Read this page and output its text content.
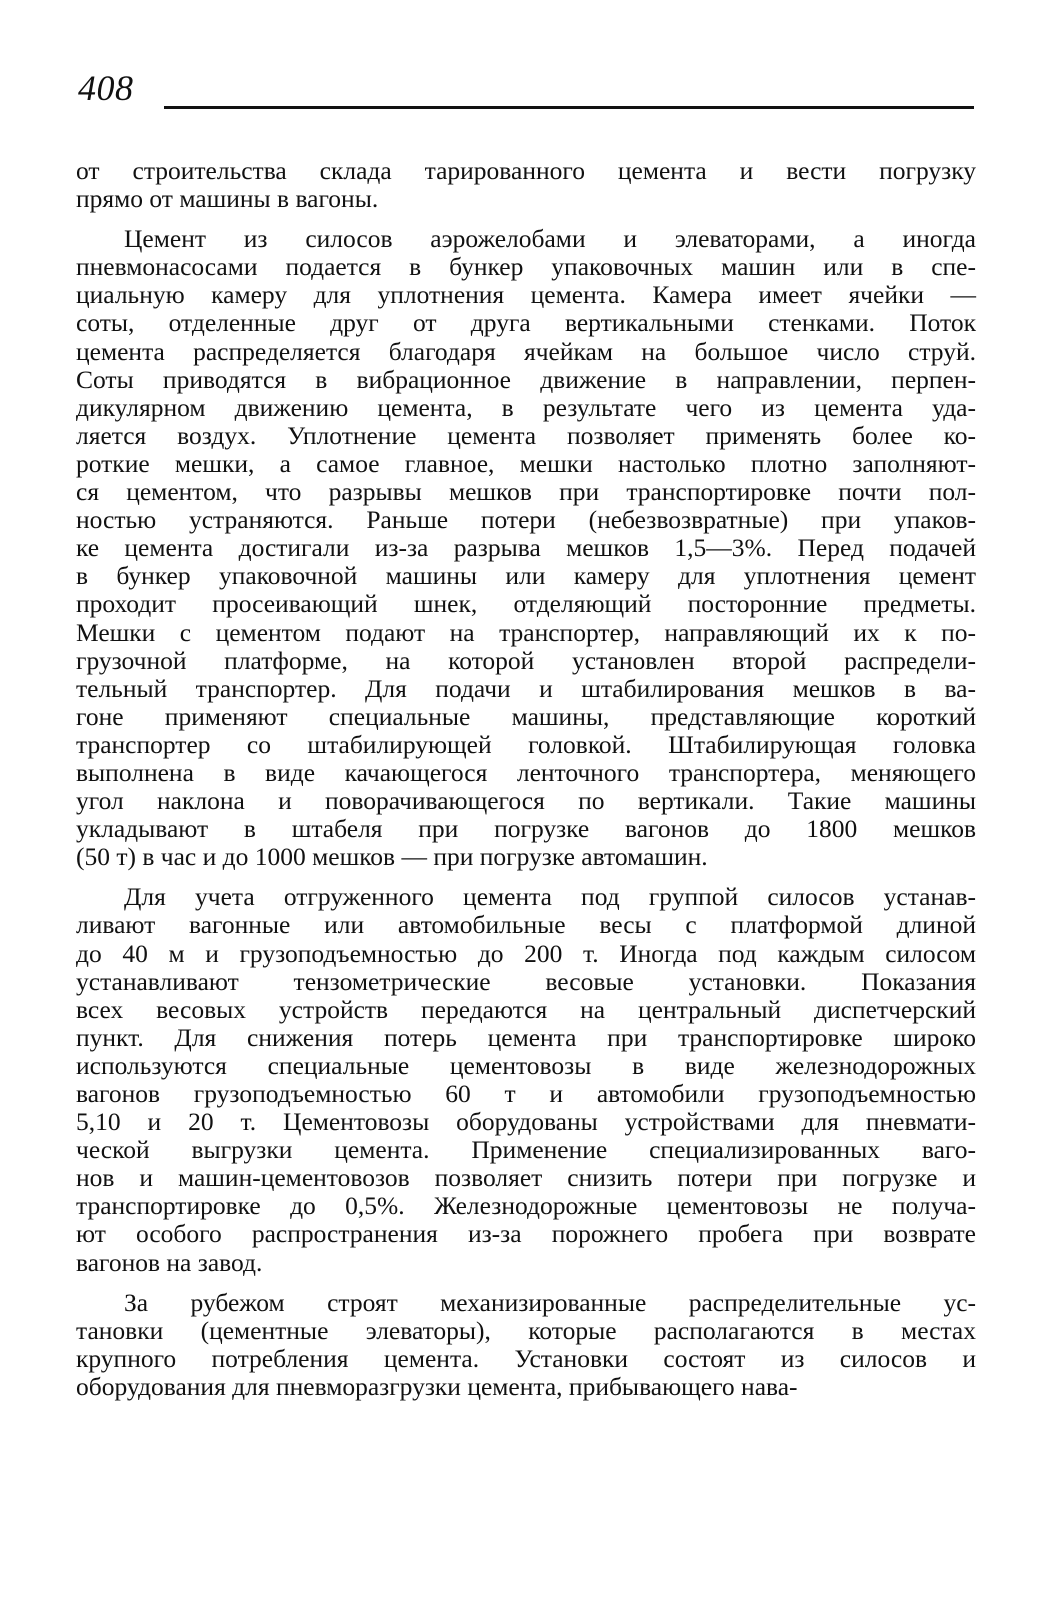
408
от строительства склада тарированного цемента и вести погрузку
прямо от машины в вагоны.
Цемент из силосов аэрожелобами и элеваторами, а иногда
пневмонасосами подается в бункер упаковочных машин или в спе-
циальную камеру для уплотнения цемента. Камера имеет ячейки —
соты, отделенные друг от друга вертикальными стенками. Поток
цемента распределяется благодаря ячейкам на большое число струй.
Соты приводятся в вибрационное движение в направлении, перпен-
дикулярном движению цемента, в результате чего из цемента уда-
ляется воздух. Уплотнение цемента позволяет применять более ко-
роткие мешки, а самое главное, мешки настолько плотно заполняют-
ся цементом, что разрывы мешков при транспортировке почти пол-
ностью устраняются. Раньше потери (небезвозвратные) при упаков-
ке цемента достигали из-за разрыва мешков 1,5—3%. Перед подачей
в бункер упаковочной машины или камеру для уплотнения цемент
проходит просеивающий шнек, отделяющий посторонние предметы.
Мешки с цементом подают на транспортер, направляющий их к по-
грузочной платформе, на которой установлен второй распредели-
тельный транспортер. Для подачи и штабилирования мешков в ва-
гоне применяют специальные машины, представляющие короткий
транспортер со штабилирующей головкой. Штабилирующая головка
выполнена в виде качающегося ленточного транспортера, меняющего
угол наклона и поворачивающегося по вертикали. Такие машины
укладывают в штабеля при погрузке вагонов до 1800 мешков
(50 т) в час и до 1000 мешков — при погрузке автомашин.
Для учета отгруженного цемента под группой силосов устанав-
ливают вагонные или автомобильные весы с платформой длиной
до 40 м и грузоподъемностью до 200 т. Иногда под каждым силосом
устанавливают тензометрические весовые установки. Показания
всех весовых устройств передаются на центральный диспетчерский
пункт. Для снижения потерь цемента при транспортировке широко
используются специальные цементовозы в виде железнодорожных
вагонов грузоподъемностью 60 т и автомобили грузоподъемностью
5,10 и 20 т. Цементовозы оборудованы устройствами для пневмати-
ческой выгрузки цемента. Применение специализированных ваго-
нов и машин-цементовозов позволяет снизить потери при погрузке и
транспортировке до 0,5%. Железнодорожные цементовозы не получа-
ют особого распространения из-за порожнего пробега при возврате
вагонов на завод.
За рубежом строят механизированные распределительные ус-
тановки (цементные элеваторы), которые располагаются в местах
крупного потребления цемента. Установки состоят из силосов и
оборудования для пневморазгрузки цемента, прибывающего нава-
